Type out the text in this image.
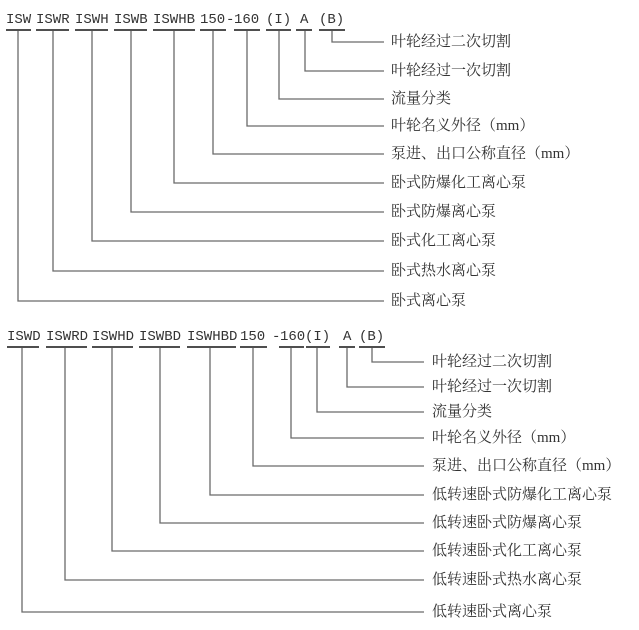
ISW ISWR ISWH ISWB ISWHB 150 - 160 (I) A (B)
叶轮经过二次切割
叶轮经过一次切割
流量分类
叶轮名义外径（mm）
泵进、出口公称直径（mm）
卧式防爆化工离心泵
卧式防爆离心泵
卧式化工离心泵
卧式热水离心泵
卧式离心泵
ISWD ISWRD ISWHD ISWBD ISWHBD 150 - 160 (I) A (B)
叶轮经过二次切割
叶轮经过一次切割
流量分类
叶轮名义外径（mm）
泵进、出口公称直径（mm）
低转速卧式防爆化工离心泵
低转速卧式防爆离心泵
低转速卧式化工离心泵
低转速卧式热水离心泵
低转速卧式离心泵
